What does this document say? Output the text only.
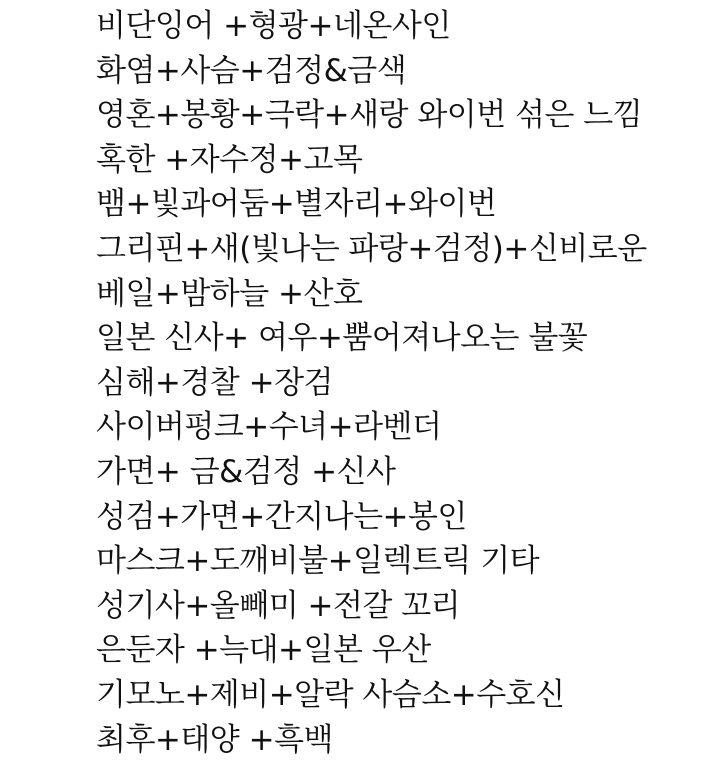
비단잉어 +형광+네온사인

화염+사슴+검정&금색

영혼+봉황+극락+새랑 와이번 섞은 느낌

혹한 +자수정+고목

뱀+빛과어둠+별자리+와이번

그리핀+새(빛나는 파랑+검정)+신비로운

베일+밤하늘 +산호

일본 신사+ 여우+뿜어져나오는 불꽃

심해+경찰 +장검

사이버펑크+수녀+라벤더

가면+ 금&검정 +신사

성검+가면+간지나는+봉인

마스크+도깨비불+일렉트릭 기타

성기사+올빼미 +전갈 꼬리

은둔자 +늑대+일본 우산

기모노+제비+알락 사슴소+수호신

최후+태양 +흑백
